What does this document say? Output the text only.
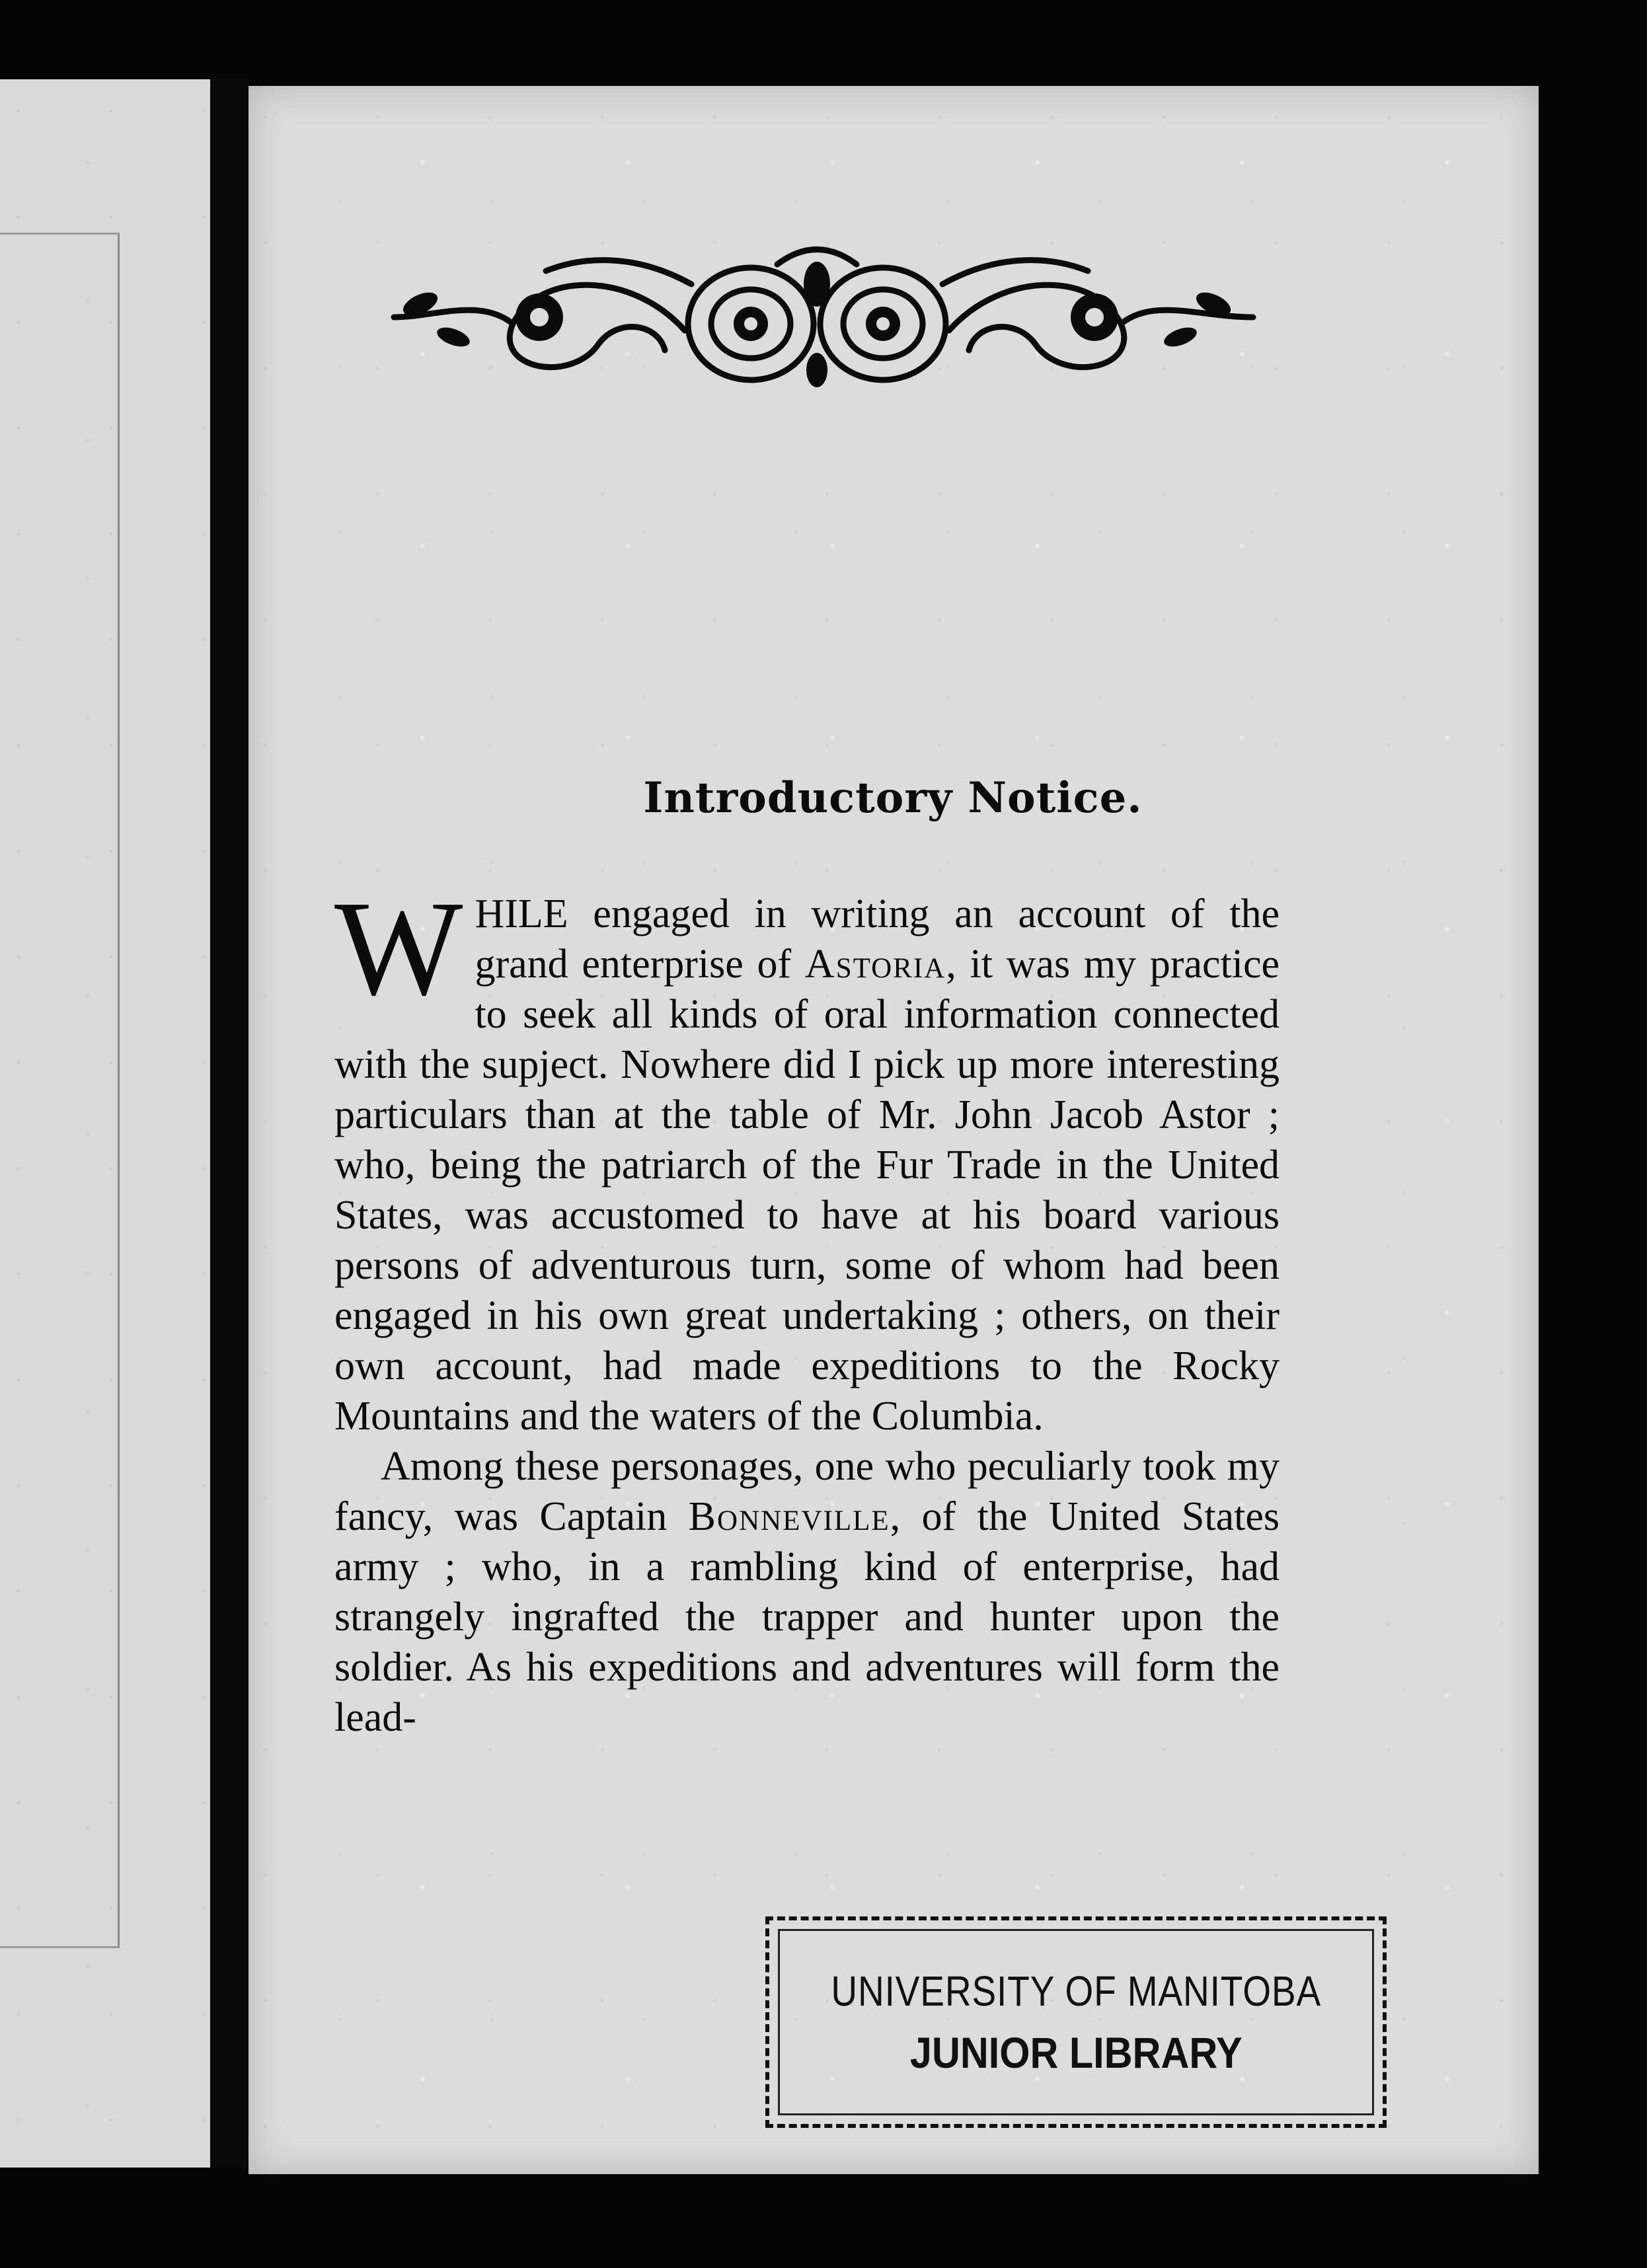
Introductory Notice.

WHILE engaged in writing an account of the grand enterprise of Astoria, it was my practice to seek all kinds of oral information connected with the supject. Nowhere did I pick up more interesting particulars than at the table of Mr. John Jacob Astor ; who, being the patriarch of the Fur Trade in the United States, was accustomed to have at his board various persons of adventurous turn, some of whom had been engaged in his own great undertaking ; others, on their own account, had made expeditions to the Rocky Mountains and the waters of the Columbia.

Among these personages, one who peculiarly took my fancy, was Captain Bonneville, of the United States army ; who, in a rambling kind of enterprise, had strangely ingrafted the trapper and hunter upon the soldier. As his expeditions and adventures will form the lead-

UNIVERSITY OF MANITOBA
JUNIOR LIBRARY
